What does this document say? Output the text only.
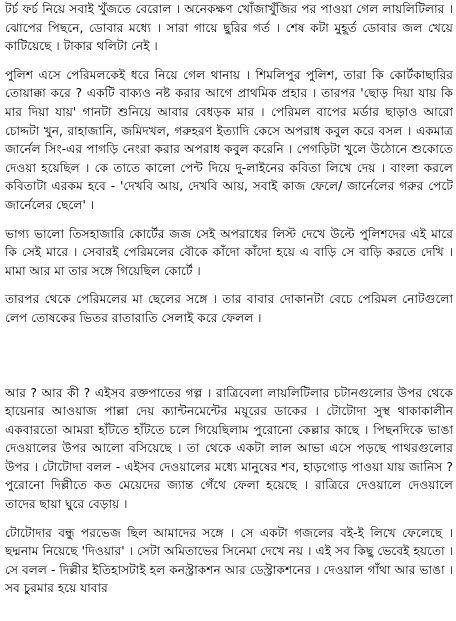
টর্চ ফর্চ নিয়ে সবাই খুঁজতে বেরোল । অনেকক্ষণ খোঁজাখুঁজির পর পাওয়া গেল লায়লিটিলার । ঝোপের পিছনে, ডোবার মধ্যে । সারা গায়ে ছুরির গর্ত । শেষ কটা মুহূর্ত ডোবার জল খেয়ে কাটিয়েছে । টাকার থলিটা নেই ।

পুলিশ এসে পেরিমলকেই ধরে নিয়ে গেল থানায় । শিমলিপুর পুলিশ, তারা কি কোর্টকাছারির তোয়াক্কা করে ? একটি বাক্যও নষ্ট করার আগে প্রাথমিক প্রহার । তারপর 'ছোড় দিয়া যায় কি মার দিয়া যায়' গানটা শুনিয়ে আবার বেধড়ক মার । পেরিমল বাপের মর্ডার ছাড়াও আরো চোদ্দটা খুন, রাহাজানি, জমিদখল, গরুহরণ ইত্যাদি কেসে অপরাধ কবুল করে বসল । একমাত্র জার্নেল সিং-এর পাগড়ি নেংরা করার অপরাধ কবুল করেনি । পেগড়িটা খুলে উঠোনে শুকোতে দেওয়া হয়েছিল । কে তাতে কালো পেন্ট দিয়ে দু-লাইনের কবিতা লিখে দেয় । বাংলা করলে কবিতাটা এরকম হবে - 'দেখবি আয়, দেখবি আয়, সবাই কাজ ফেলে/ জার্নেলের গরুর পেটে জার্নেলের ছেলে' ।

ভাগ্য ভালো তিসহাজারি কোর্টের জজ সেই অপরাধের লিস্ট দেখে উল্টে পুলিশদের এই মারে কি সেই মারে । সেবারই পেরিমলের বৌকে কাঁদো কাঁদো হয়ে এ বাড়ি সে বাড়ি করতে দেখি । মামা আর মা তার সঙ্গে গিয়েছিল কোর্টে ।

তারপর থেকে পেরিমলের মা ছেলের সঙ্গে । তার বাবার দোকানটা বেচে পেরিমল নোটগুলো লেপ তোষকের ভিতর রাতারাতি সেলাই করে ফেলল ।

আর ? আর কী ? এইসব রক্তপাতের গল্প । রাত্রিবেলা লায়লিটিলার চটানগুলোর উপর থেকে হায়েনার আওয়াজ পাল্লা দেয় ক্যান্টনমেন্টের ময়ূরের ডাকের । টোটোদা সুস্থ থাকাকালীন একবারতো আমরা হাঁটতে হাঁটতে চলে গিয়েছিলাম পুরোনো কেল্লার কাছে । পিছনদিকে ভাঙা দেওয়ালের উপর আলো বসিয়েছে । তা থেকে একটা লাল আভা এসে পড়ছে পাথরগুলোর উপর । টোটোদা বলল - এইসব দেওয়ালের মধ্যে মানুষের শব, হাড়গোড় পাওয়া যায় জানিস ? পুরোনো দিল্লীতে কত মেয়েদের জ্যান্ত গেঁথে ফেলা হয়েছে । রাত্রিরে দেওয়ালে দেওয়ালে তাদের ছায়া ঘুরে বেড়ায় ।

টোটোদার বন্ধু পরভেজ ছিল আমাদের সঙ্গে । সে একটা গজলের বই-ই লিখে ফেলেছে । ছদ্মনাম নিয়েছে 'দিওয়ার' । সেটা অমিতাভের সিনেমা দেখে নয় । এই সব কিছু ভেবেই হয়তো । সে বলল - দিল্লীর ইতিহাসটাই হল কনস্ট্রাকশন আর ডেস্ট্রাকশনের । দেওয়াল গাঁথা আর ভাঙা । সব চুরমার হয়ে যাবার
